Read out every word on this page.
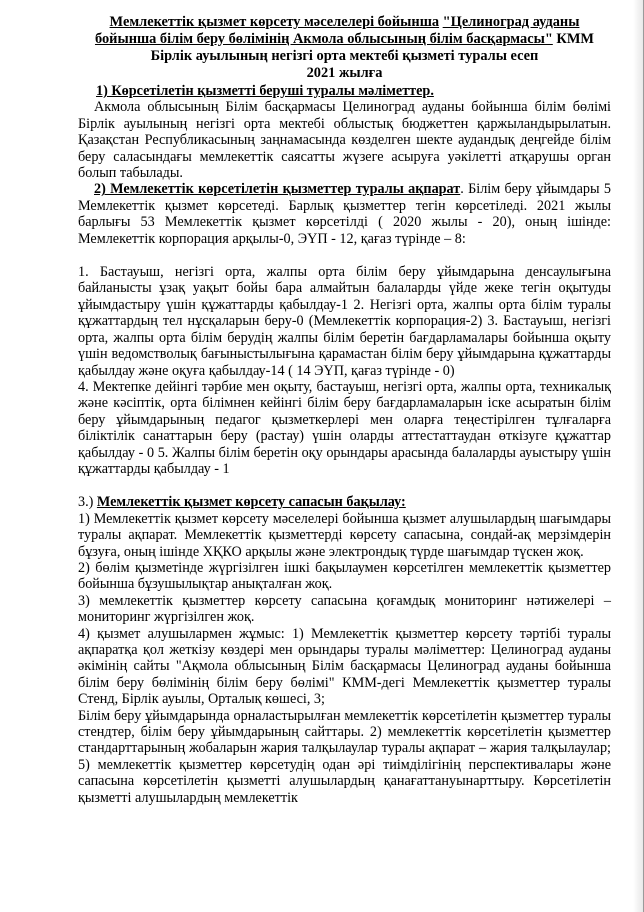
Мемлекеттік қызмет көрсету мәселелері бойынша "Целиноград ауданы бойынша білім беру бөлімінің Акмола облысының білім басқармасы" КММ Бірлік ауылының негізгі орта мектебі қызметі туралы есеп

2021 жылға

1) Көрсетілетін қызметті беруші туралы мәліметтер.

Акмола облысының Білім басқармасы Целиноград ауданы бойынша білім бөлімі Бірлік ауылының негізгі орта мектебі облыстық бюджеттен қаржыландырылатын. Қазақстан Республикасының заңнамасында көзделген шекте аудандық деңгейде білім беру саласындағы мемлекеттік саясатты жүзеге асыруға уәкілетті атқарушы орган болып табылады.

2) Мемлекеттік көрсетілетін қызметтер туралы ақпарат. Білім беру ұйымдары 5 Мемлекеттік қызмет көрсетеді. Барлық қызметтер тегін көрсетіледі. 2021 жылы барлығы 53 Мемлекеттік қызмет көрсетілді ( 2020 жылы - 20), оның ішінде: Мемлекеттік корпорация арқылы-0, ЭҮП - 12, қағаз түрінде – 8:

1. Бастауыш, негізгі орта, жалпы орта білім беру ұйымдарына денсаулығына байланысты ұзақ уақыт бойы бара алмайтын балаларды үйде жеке тегін оқытуды ұйымдастыру үшін құжаттарды қабылдау-1 2. Негізгі орта, жалпы орта білім туралы құжаттардың тел нұсқаларын беру-0 (Мемлекеттік корпорация-2) 3. Бастауыш, негізгі орта, жалпы орта білім берудің жалпы білім беретін бағдарламалары бойынша оқыту үшін ведомстволық бағыныстылығына қарамастан білім беру ұйымдарына құжаттарды қабылдау және оқуға қабылдау-14 ( 14 ЭҮП, қағаз түрінде - 0)

4. Мектепке дейінгі тәрбие мен оқыту, бастауыш, негізгі орта, жалпы орта, техникалық және кәсіптік, орта білімнен кейінгі білім беру бағдарламаларын іске асыратын білім беру ұйымдарының педагог қызметкерлері мен оларға теңестірілген тұлғаларға біліктілік санаттарын беру (растау) үшін оларды аттестаттаудан өткізуге құжаттар қабылдау - 0 5. Жалпы білім беретін оқу орындары арасында балаларды ауыстыру үшін құжаттарды қабылдау - 1

3.) Мемлекеттік қызмет көрсету сапасын бақылау:

1) Мемлекеттік қызмет көрсету мәселелері бойынша қызмет алушылардың шағымдары туралы ақпарат. Мемлекеттік қызметтерді көрсету сапасына, сондай-ақ мерзімдерін бұзуға, оның ішінде ХҚКО арқылы және электрондық түрде шағымдар түскен жоқ.

2) бөлім қызметінде жүргізілген ішкі бақылаумен көрсетілген мемлекеттік қызметтер бойынша бұзушылықтар анықталған жоқ.

3) мемлекеттік қызметтер көрсету сапасына қоғамдық мониторинг нәтижелері – мониторинг жүргізілген жоқ.

4) қызмет алушылармен жұмыс: 1) Мемлекеттік қызметтер көрсету тәртібі туралы ақпаратқа қол жеткізу көздері мен орындары туралы мәліметтер: Целиноград ауданы әкімінің сайты "Ақмола облысының Білім басқармасы Целиноград ауданы бойынша білім беру бөлімінің білім беру бөлімі" КММ-дегі Мемлекеттік қызметтер туралы Стенд, Бірлік ауылы, Орталық көшесі, 3;

Білім беру ұйымдарында орналастырылған мемлекеттік көрсетілетін қызметтер туралы стендтер, білім беру ұйымдарының сайттары. 2) мемлекеттік көрсетілетін қызметтер стандарттарының жобаларын жария талқылаулар туралы ақпарат – жария талқылаулар; 5) мемлекеттік қызметтер көрсетудің одан әрі тиімділігінің перспективалары және сапасына көрсетілетін қызметті алушылардың қанағаттануынарттыру. Көрсетілетін қызметті алушылардың мемлекеттік
